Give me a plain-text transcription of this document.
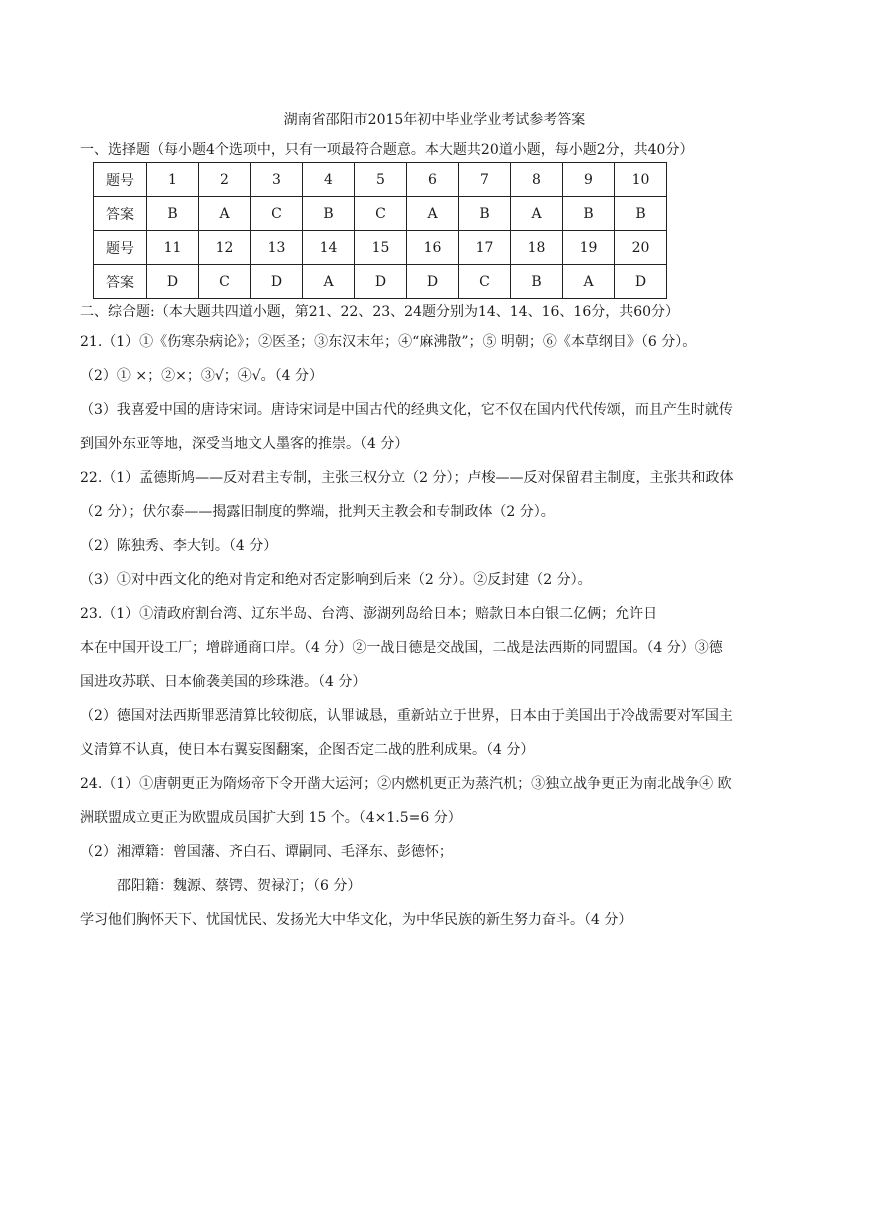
湖南省邵阳市2015年初中毕业学业考试参考答案
一、选择题（每小题4个选项中，只有一项最符合题意。本大题共20道小题，每小题2分，共40分）
题号	1	2	3	4	5	6	7	8	9	10
答案	B	A	C	B	C	A	B	A	B	B
题号	11	12	13	14	15	16	17	18	19	20
答案	D	C	D	A	D	D	C	B	A	D
二、综合题:（本大题共四道小题，第21、22、23、24题分别为14、14、16、16分，共60分）
21.（1）①《伤寒杂病论》；②医圣；③东汉末年；④“麻沸散”；⑤ 明朝；⑥《本草纲目》（6 分）。
（2）① ×；②×；③√；④√。（4 分）
（3）我喜爱中国的唐诗宋词。唐诗宋词是中国古代的经典文化，它不仅在国内代代传颂，而且产生时就传
到国外东亚等地，深受当地文人墨客的推崇。（4 分）
22.（1）孟德斯鸠——反对君主专制，主张三权分立（2 分）；卢梭——反对保留君主制度，主张共和政体
（2 分）；伏尔泰——揭露旧制度的弊端，批判天主教会和专制政体（2 分）。
（2）陈独秀、李大钊。（4 分）
（3）①对中西文化的绝对肯定和绝对否定影响到后来（2 分）。②反封建（2 分）。
23.（1）①清政府割台湾、辽东半岛、台湾、澎湖列岛给日本；赔款日本白银二亿俩；允许日
本在中国开设工厂；增辟通商口岸。（4 分）②一战日德是交战国，二战是法西斯的同盟国。（4 分）③德
国进攻苏联、日本偷袭美国的珍珠港。（4 分）
（2）德国对法西斯罪恶清算比较彻底，认罪诚恳，重新站立于世界，日本由于美国出于冷战需要对军国主
义清算不认真，使日本右翼妄图翻案，企图否定二战的胜利成果。（4 分）
24.（1）①唐朝更正为隋炀帝下令开凿大运河；②内燃机更正为蒸汽机；③独立战争更正为南北战争④ 欧
洲联盟成立更正为欧盟成员国扩大到 15 个。（4×1.5=6 分）
（2）湘潭籍：曾国藩、齐白石、谭嗣同、毛泽东、彭德怀；
邵阳籍：魏源、蔡锷、贺禄汀；（6 分）
学习他们胸怀天下、忧国忧民、发扬光大中华文化，为中华民族的新生努力奋斗。（4 分）
